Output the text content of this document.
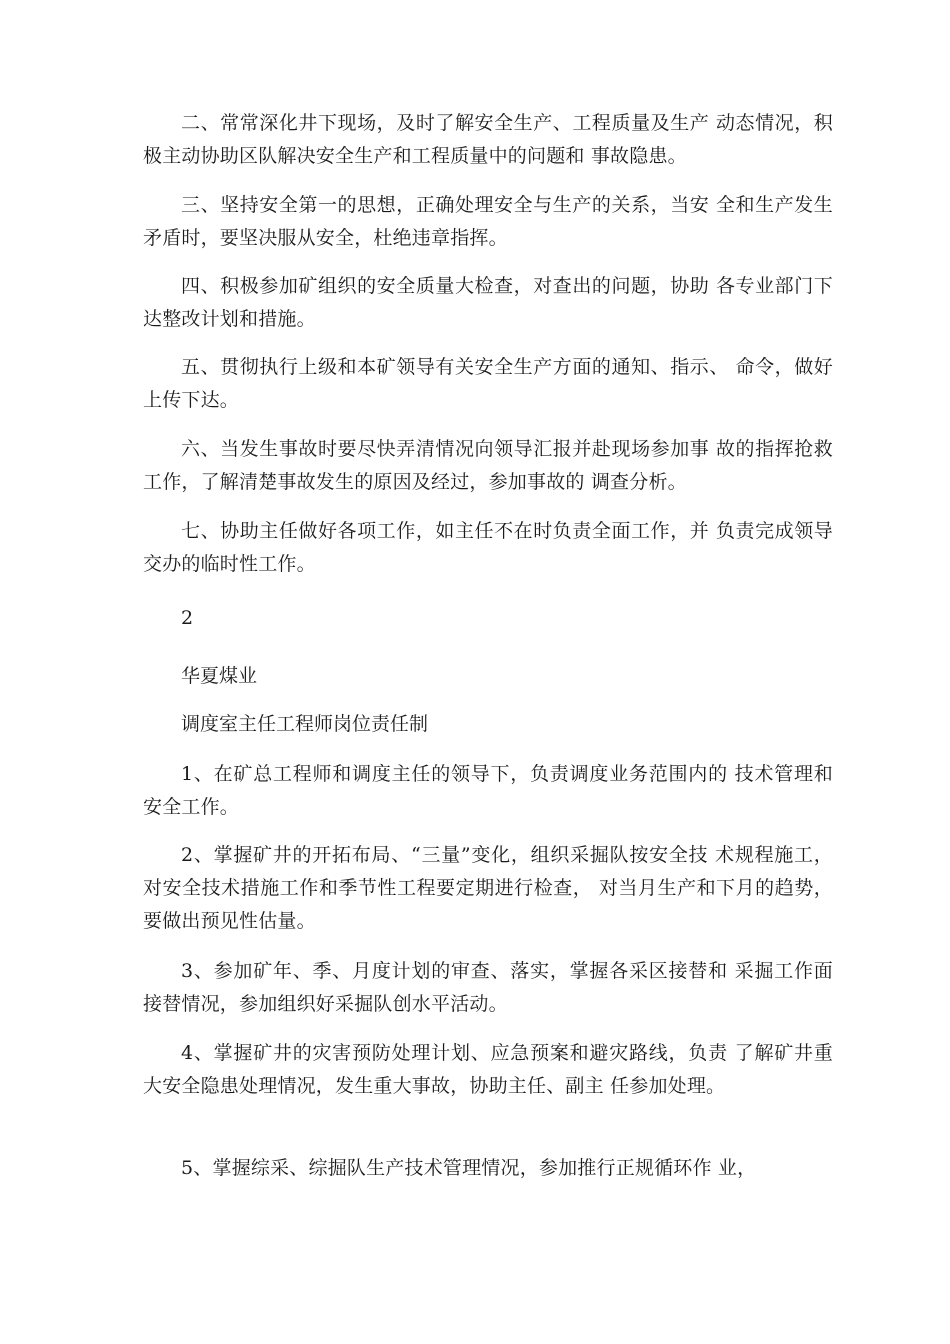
二、常常深化井下现场，及时了解安全生产、工程质量及生产 动态情况，积极主动协助区队解决安全生产和工程质量中的问题和 事故隐患。

三、坚持安全第一的思想，正确处理安全与生产的关系，当安 全和生产发生矛盾时，要坚决服从安全，杜绝违章指挥。

四、积极参加矿组织的安全质量大检查，对查出的问题，协助 各专业部门下达整改计划和措施。

五、贯彻执行上级和本矿领导有关安全生产方面的通知、指示、 命令，做好上传下达。

六、当发生事故时要尽快弄清情况向领导汇报并赴现场参加事 故的指挥抢救工作，了解清楚事故发生的原因及经过，参加事故的 调查分析。

七、协助主任做好各项工作，如主任不在时负责全面工作，并 负责完成领导交办的临时性工作。

2

华夏煤业

调度室主任工程师岗位责任制

1、在矿总工程师和调度主任的领导下，负责调度业务范围内的 技术管理和安全工作。

2、掌握矿井的开拓布局、“三量”变化，组织采掘队按安全技 术规程施工，对安全技术措施工作和季节性工程要定期进行检查， 对当月生产和下月的趋势，要做出预见性估量。

3、参加矿年、季、月度计划的审查、落实，掌握各采区接替和 采掘工作面接替情况，参加组织好采掘队创水平活动。

4、掌握矿井的灾害预防处理计划、应急预案和避灾路线，负责 了解矿井重大安全隐患处理情况，发生重大事故，协助主任、副主 任参加处理。

5、掌握综采、综掘队生产技术管理情况，参加推行正规循环作 业，
